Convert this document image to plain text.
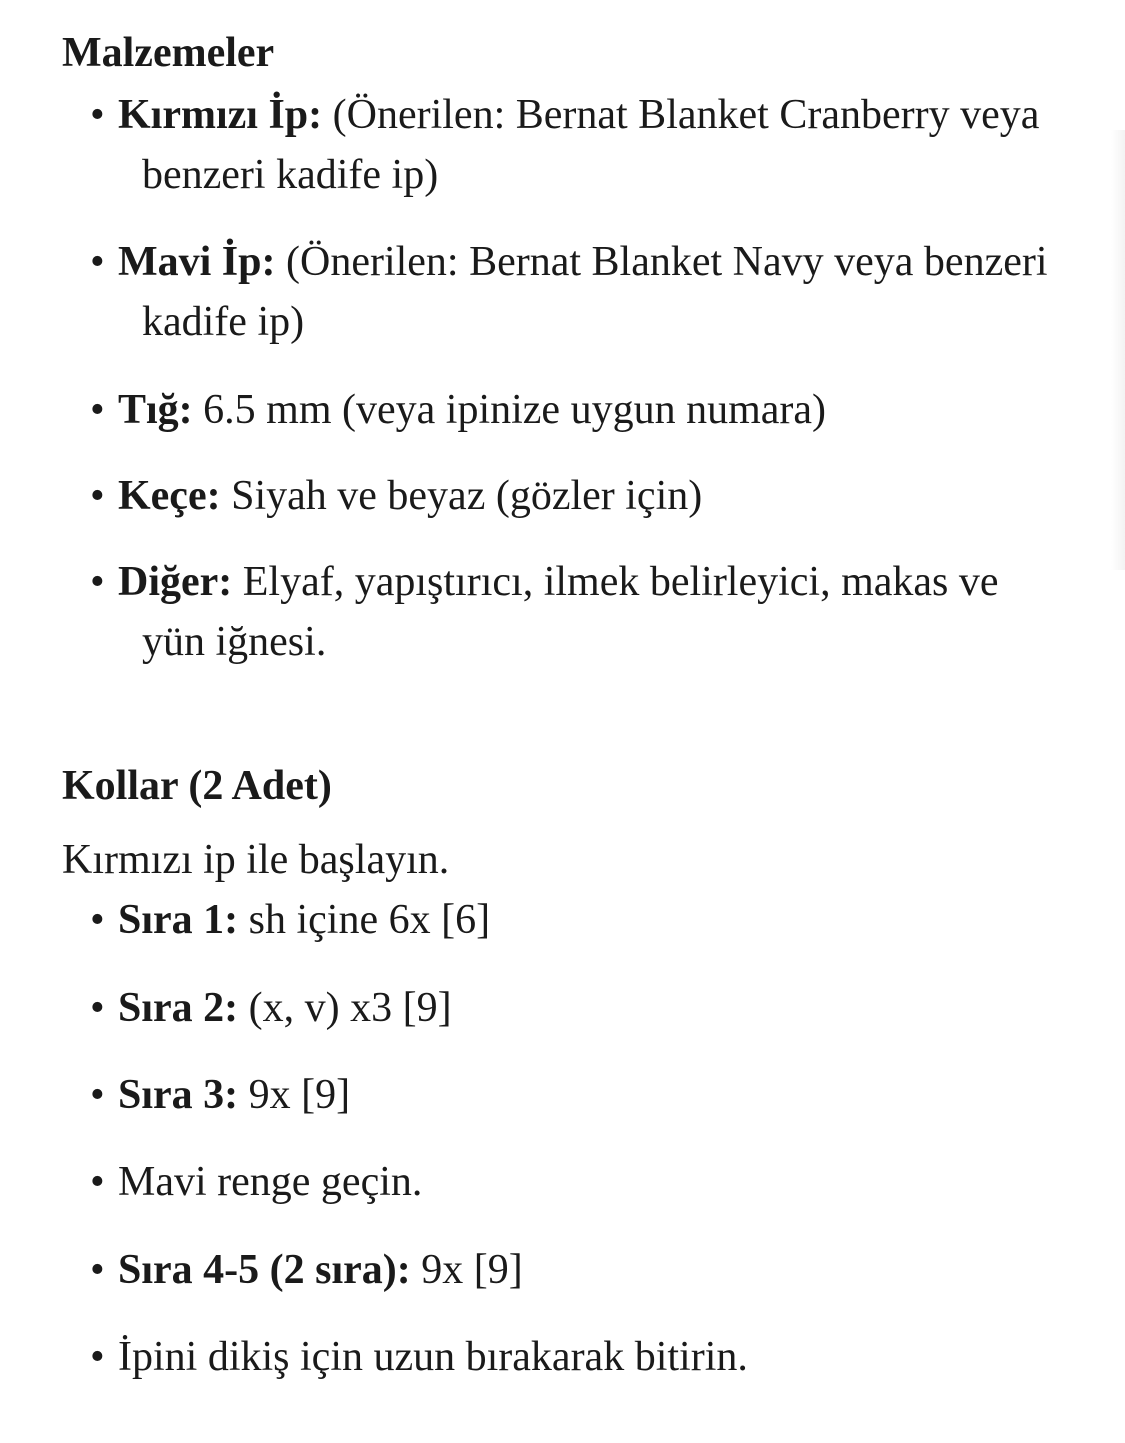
Malzemeler
• Kırmızı İp: (Önerilen: Bernat Blanket Cranberry veya benzeri kadife ip)
• Mavi İp: (Önerilen: Bernat Blanket Navy veya benzeri kadife ip)
• Tığ: 6.5 mm (veya ipinize uygun numara)
• Keçe: Siyah ve beyaz (gözler için)
• Diğer: Elyaf, yapıştırıcı, ilmek belirleyici, makas ve yün iğnesi.
Kollar (2 Adet)

Kırmızı ip ile başlayın.

• Sıra 1: sh içine 6x [6]
• Sıra 2: (x, v) x3 [9]
• Sıra 3: 9x [9]
• Mavi renge geçin.
• Sıra 4-5 (2 sıra): 9x [9]
• İpini dikiş için uzun bırakarak bitirin.
